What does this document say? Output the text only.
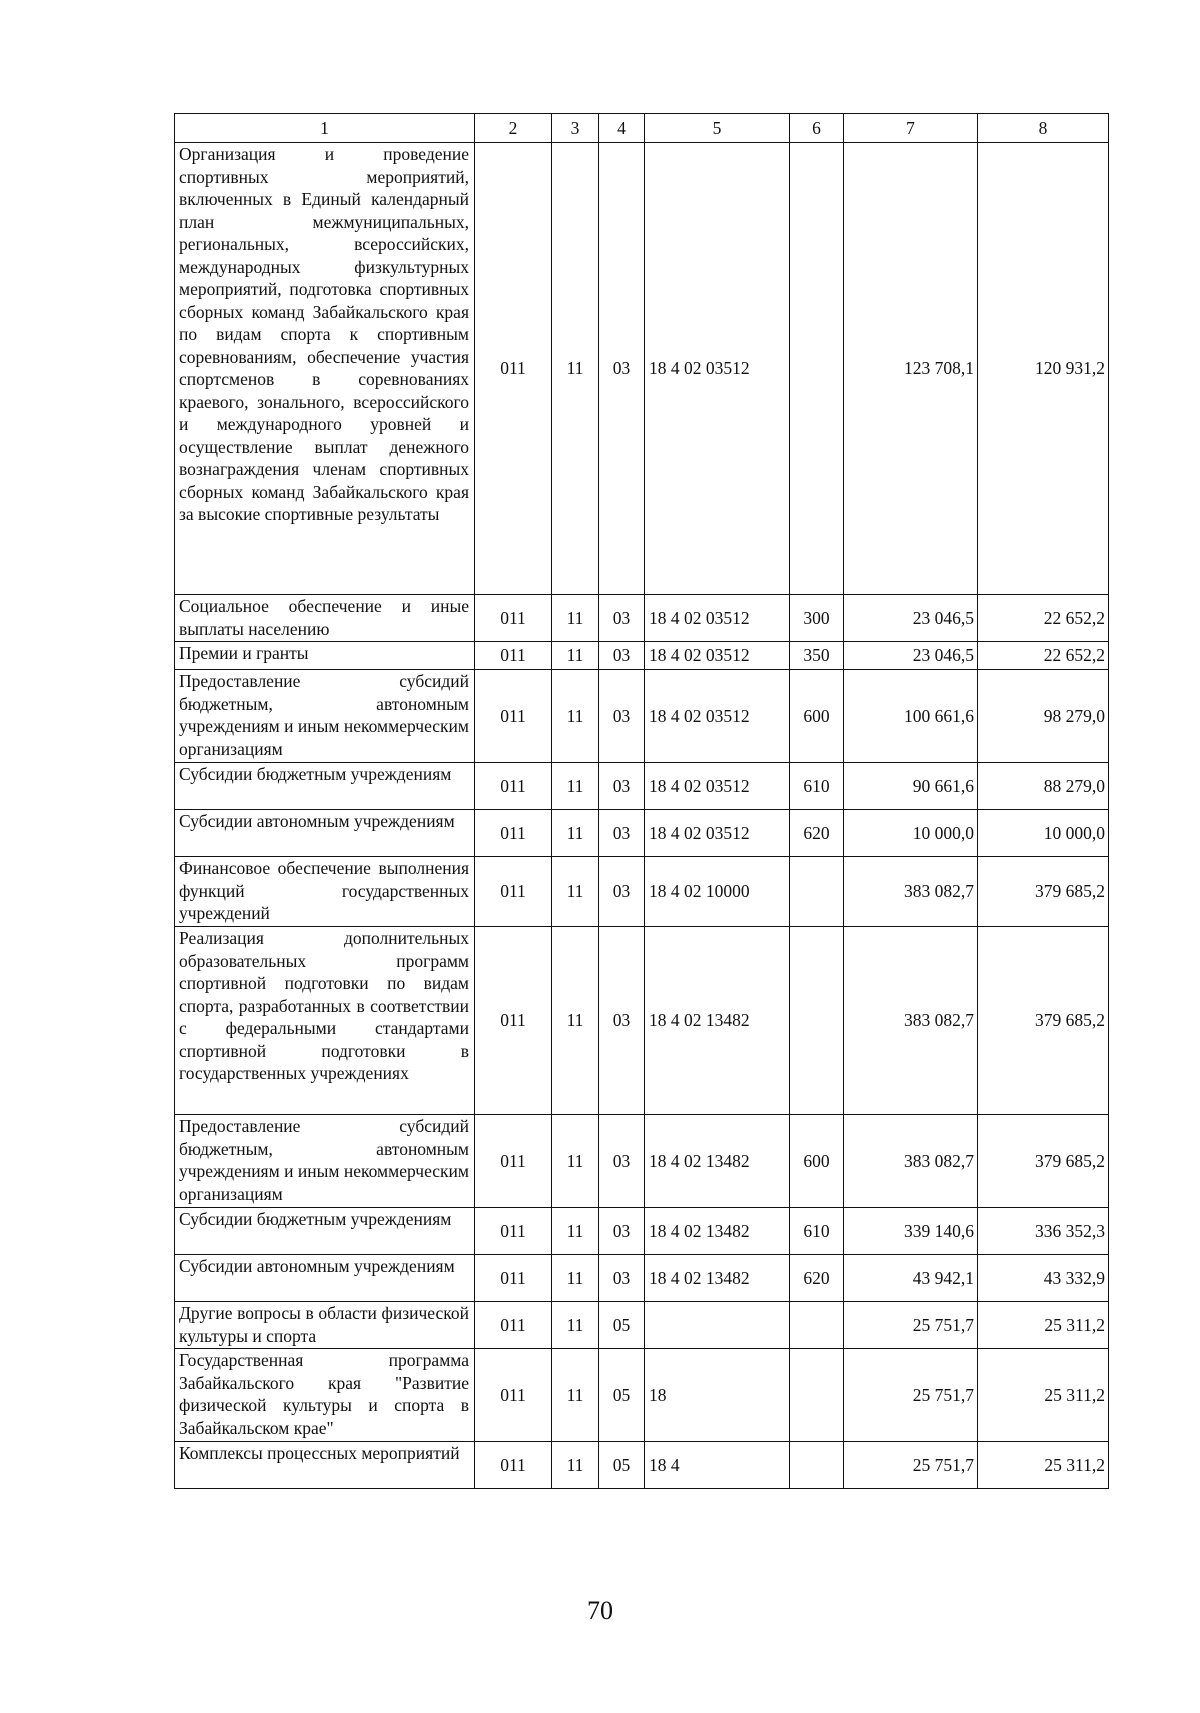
1	2	3	4	5	6	7	8
Организация и проведение спортивных мероприятий, включенных в Единый календарный план межмуниципальных, региональных, всероссийских, международных физкультурных мероприятий, подготовка спортивных сборных команд Забайкальского края по видам спорта к спортивным соревнованиям, обеспечение участия спортсменов в соревнованиях краевого, зонального, всероссийского и международного уровней и осуществление выплат денежного вознаграждения членам спортивных сборных команд Забайкальского края за высокие спортивные результаты	011	11	03	18 4 02 03512		123 708,1	120 931,2
Социальное обеспечение и иные выплаты населению	011	11	03	18 4 02 03512	300	23 046,5	22 652,2
Премии и гранты	011	11	03	18 4 02 03512	350	23 046,5	22 652,2
Предоставление субсидий бюджетным, автономным учреждениям и иным некоммерческим организациям	011	11	03	18 4 02 03512	600	100 661,6	98 279,0
Субсидии бюджетным учреждениям	011	11	03	18 4 02 03512	610	90 661,6	88 279,0
Субсидии автономным учреждениям	011	11	03	18 4 02 03512	620	10 000,0	10 000,0
Финансовое обеспечение выполнения функций государственных учреждений	011	11	03	18 4 02 10000		383 082,7	379 685,2
Реализация дополнительных образовательных программ спортивной подготовки по видам спорта, разработанных в соответствии с федеральными стандартами спортивной подготовки в государственных учреждениях	011	11	03	18 4 02 13482		383 082,7	379 685,2
Предоставление субсидий бюджетным, автономным учреждениям и иным некоммерческим организациям	011	11	03	18 4 02 13482	600	383 082,7	379 685,2
Субсидии бюджетным учреждениям	011	11	03	18 4 02 13482	610	339 140,6	336 352,3
Субсидии автономным учреждениям	011	11	03	18 4 02 13482	620	43 942,1	43 332,9
Другие вопросы в области физической культуры и спорта	011	11	05			25 751,7	25 311,2
Государственная программа Забайкальского края "Развитие физической культуры и спорта в Забайкальском крае"	011	11	05	18		25 751,7	25 311,2
Комплексы процессных мероприятий	011	11	05	18 4		25 751,7	25 311,2
70
